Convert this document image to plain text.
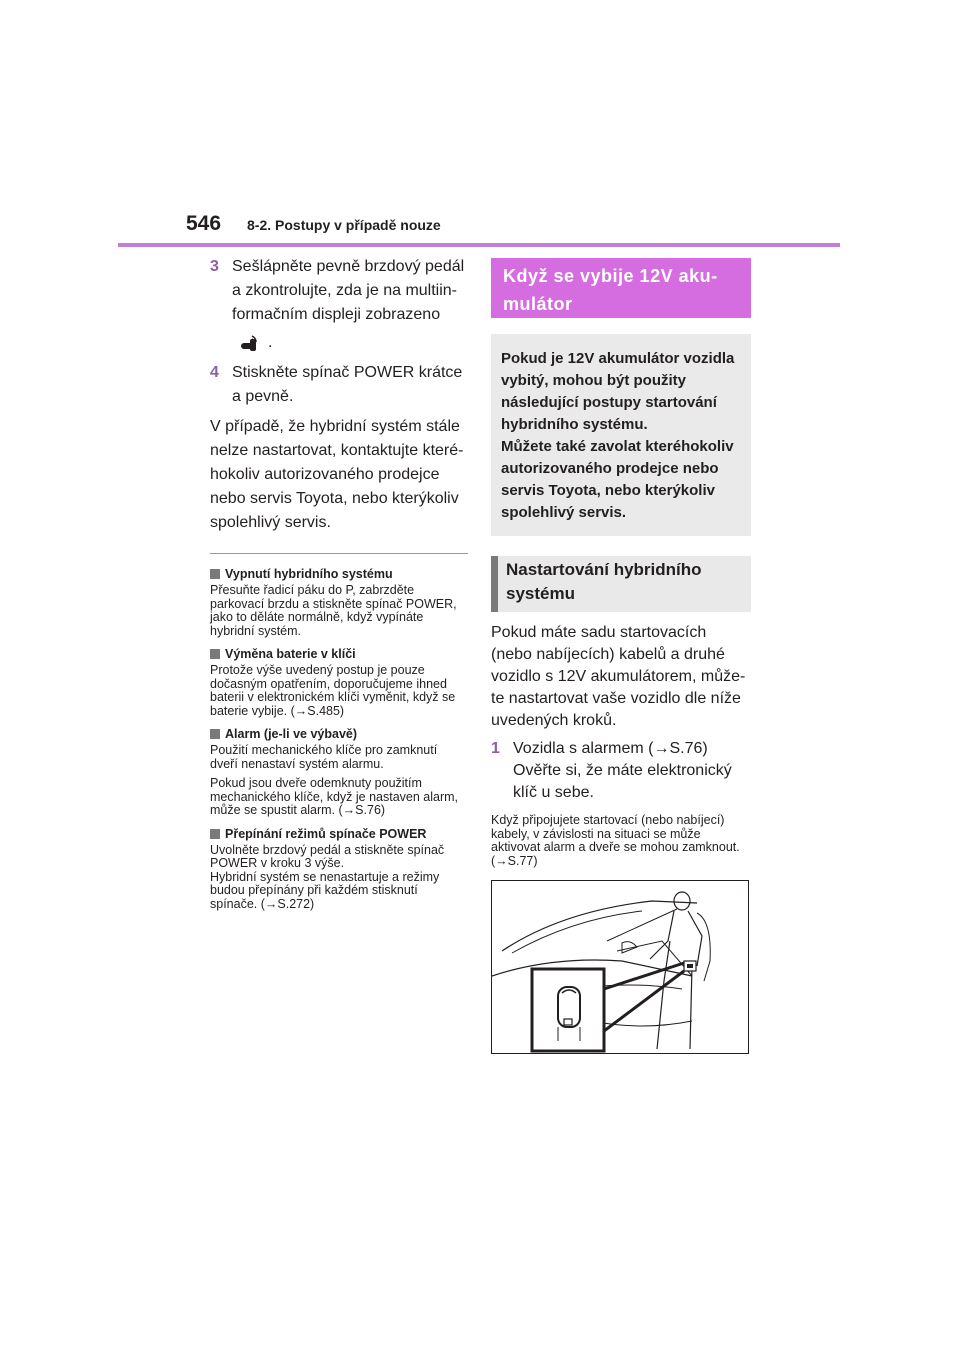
546 8-2. Postupy v případě nouze
3 Sešlápněte pevně brzdový pedál a zkontrolujte, zda je na multiinformačním displeji zobrazeno
.
4 Stiskněte spínač POWER krátce a pevně.
V případě, že hybridní systém stále nelze nastartovat, kontaktujte kteréhokoliv autorizovaného prodejce nebo servis Toyota, nebo kterýkoliv spolehlivý servis.
Vypnutí hybridního systému
Přesuňte řadicí páku do P, zabrzděte parkovací brzdu a stiskněte spínač POWER, jako to děláte normálně, když vypínáte hybridní systém.
Výměna baterie v klíči
Protože výše uvedený postup je pouze dočasným opatřením, doporučujeme ihned baterii v elektronickém klíči vyměnit, když se baterie vybije. (→S.485)
Alarm (je-li ve výbavě)
Použití mechanického klíče pro zamknutí dveří nenastaví systém alarmu.
Pokud jsou dveře odemknuty použitím mechanického klíče, když je nastaven alarm, může se spustit alarm. (→S.76)
Přepínání režimů spínače POWER
Uvolněte brzdový pedál a stiskněte spínač POWER v kroku 3 výše.
Hybridní systém se nenastartuje a režimy budou přepínány při každém stisknutí spínače. (→S.272)
Když se vybije 12V akumulátor
Pokud je 12V akumulátor vozidla vybitý, mohou být použity následující postupy startování hybridního systému.
Můžete také zavolat kteréhokoliv autorizovaného prodejce nebo servis Toyota, nebo kterýkoliv spolehlivý servis.
Nastartování hybridního systému
Pokud máte sadu startovacích (nebo nabíjecích) kabelů a druhé vozidlo s 12V akumulátorem, můžete nastartovat vaše vozidlo dle níže uvedených kroků.
1 Vozidla s alarmem (→S.76) Ověřte si, že máte elektronický klíč u sebe.
Když připojujete startovací (nebo nabíjecí) kabely, v závislosti na situaci se může aktivovat alarm a dveře se mohou zamknout. (→S.77)
